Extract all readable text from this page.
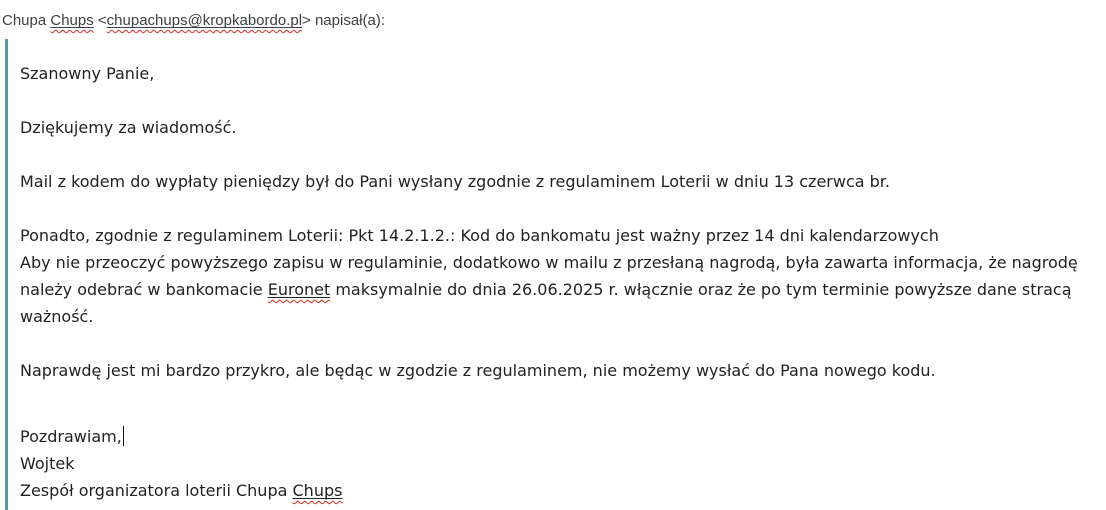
Chupa Chups <chupachups@kropkabordo.pl> napisał(a):

Szanowny Panie,

Dziękujemy za wiadomość.

Mail z kodem do wypłaty pieniędzy był do Pani wysłany zgodnie z regulaminem Loterii w dniu 13 czerwca br.

Ponadto, zgodnie z regulaminem Loterii: Pkt 14.2.1.2.: Kod do bankomatu jest ważny przez 14 dni kalendarzowych
Aby nie przeoczyć powyższego zapisu w regulaminie, dodatkowo w mailu z przesłaną nagrodą, była zawarta informacja, że nagrodę należy odebrać w bankomacie Euronet maksymalnie do dnia 26.06.2025 r. włącznie oraz że po tym terminie powyższe dane stracą ważność.

Naprawdę jest mi bardzo przykro, ale będąc w zgodzie z regulaminem, nie możemy wysłać do Pana nowego kodu.

Pozdrawiam,
Wojtek
Zespół organizatora loterii Chupa Chups
